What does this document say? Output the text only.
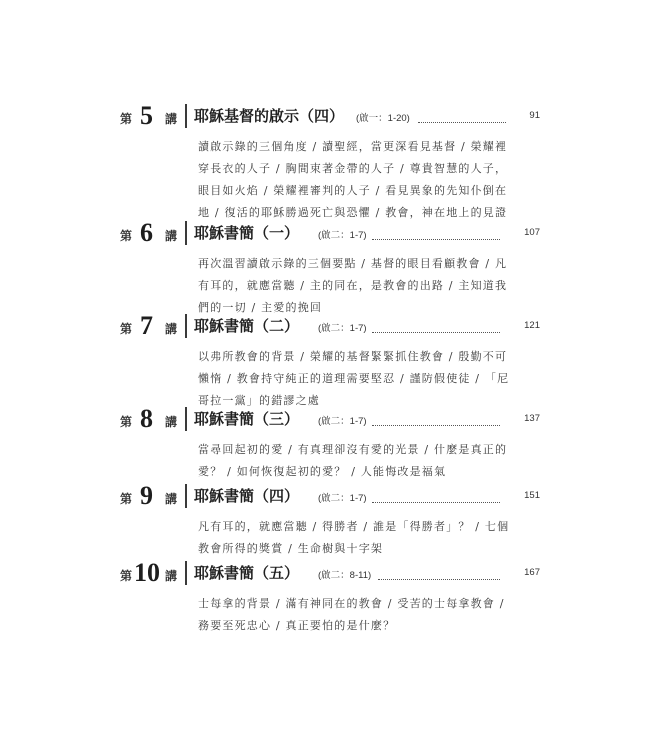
第 5 講 耶穌基督的啟示（四） (啟一：1-20)	91
讀啟示錄的三個角度 / 讀聖經，當更深看見基督 / 榮耀裡
穿長衣的人子 / 胸間束著金帶的人子 / 尊貴智慧的人子，
眼目如火焰 / 榮耀裡審判的人子 / 看見異象的先知仆倒在
地 / 復活的耶穌勝過死亡與恐懼 / 教會，神在地上的見證
第 6 講 耶穌書簡（一） (啟二：1-7)	107
再次溫習讀啟示錄的三個要點 / 基督的眼目看顧教會 / 凡
有耳的，就應當聽 / 主的同在，是教會的出路 / 主知道我
們的一切 / 主愛的挽回
第 7 講 耶穌書簡（二） (啟二：1-7)	121
以弗所教會的背景 / 榮耀的基督緊緊抓住教會 / 殷勤不可
懶惰 / 教會持守純正的道理需要堅忍 / 謹防假使徒 / 「尼
哥拉一黨」的錯謬之處
第 8 講 耶穌書簡（三） (啟二：1-7)	137
當尋回起初的愛 / 有真理卻沒有愛的光景 / 什麼是真正的
愛？ / 如何恢復起初的愛？ / 人能悔改是福氣
第 9 講 耶穌書簡（四） (啟二：1-7)	151
凡有耳的，就應當聽 / 得勝者 / 誰是「得勝者」？ / 七個
教會所得的獎賞 / 生命樹與十字架
第 10 講 耶穌書簡（五） (啟二：8-11)	167
士每拿的背景 / 滿有神同在的教會 / 受苦的士每拿教會 /
務要至死忠心 / 真正要怕的是什麼？
